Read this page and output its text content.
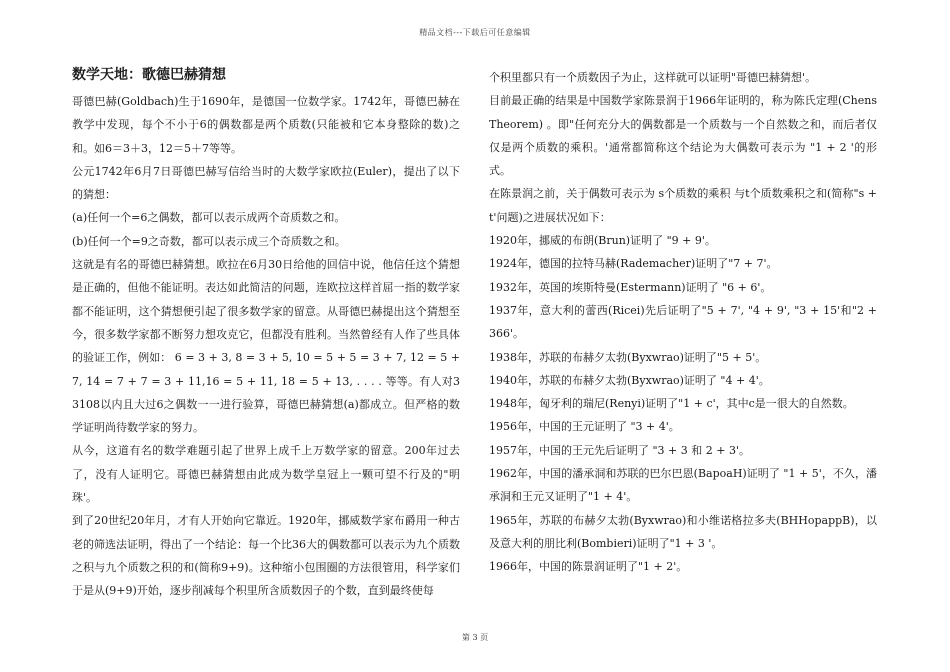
精品文档---下载后可任意编辑
数学天地：歌德巴赫猜想

哥德巴赫(Goldbach)生于1690年，是德国一位数学家。1742年，哥德巴赫在教学中发现，每个不小于6的偶数都是两个质数(只能被和它本身整除的数)之和。如6＝3＋3，12＝5＋7等等。

公元1742年6月7日哥德巴赫写信给当时的大数学家欧拉(Euler)，提出了以下的猜想：

(a)任何一个=6之偶数，都可以表示成两个奇质数之和。

(b)任何一个=9之奇数，都可以表示成三个奇质数之和。

这就是有名的哥德巴赫猜想。欧拉在6月30日给他的回信中说，他信任这个猜想是正确的，但他不能证明。表达如此简洁的问题，连欧拉这样首屈一指的数学家都不能证明，这个猜想便引起了很多数学家的留意。从哥德巴赫提出这个猜想至今，很多数学家都不断努力想攻克它，但都没有胜利。当然曾经有人作了些具体的验证工作，例如： 6 = 3 + 3, 8 = 3 + 5, 10 = 5 + 5 = 3 + 7, 12 = 5 + 7, 14 = 7 + 7 = 3 + 11,16 = 5 + 11, 18 = 5 + 13, . . . . 等等。有人对33108以内且大过6之偶数一一进行验算，哥德巴赫猜想(a)都成立。但严格的数学证明尚待数学家的努力。

从今，这道有名的数学难题引起了世界上成千上万数学家的留意。200年过去了，没有人证明它。哥德巴赫猜想由此成为数学皇冠上一颗可望不行及的"明珠'。

到了20世纪20年月，才有人开始向它靠近。1920年，挪威数学家布爵用一种古老的筛选法证明，得出了一个结论：每一个比36大的偶数都可以表示为九个质数之积与九个质数之积的和(简称9+9)。这种缩小包围圈的方法很管用，科学家们于是从(9+9)开始，逐步削减每个积里所含质数因子的个数，直到最终使每

个积里都只有一个质数因子为止，这样就可以证明"哥德巴赫猜想'。

目前最正确的结果是中国数学家陈景润于1966年证明的，称为陈氏定理(Chens Theorem) 。即"任何充分大的偶数都是一个质数与一个自然数之和，而后者仅仅是两个质数的乘积。'通常都简称这个结论为大偶数可表示为 "1 + 2 '的形式。

在陈景润之前，关于偶数可表示为 s个质数的乘积 与t个质数乘积之和(简称"s + t'问题)之进展状况如下：

1920年，挪威的布朗(Brun)证明了 "9 + 9'。

1924年，德国的拉特马赫(Rademacher)证明了"7 + 7'。

1932年，英国的埃斯特曼(Estermann)证明了 "6 + 6'。

1937年，意大利的蕾西(Ricei)先后证明了"5 + 7', "4 + 9', "3 + 15'和"2 + 366'。

1938年，苏联的布赫夕太勃(Byxwrao)证明了"5 + 5'。

1940年，苏联的布赫夕太勃(Byxwrao)证明了 "4 + 4'。

1948年，匈牙利的瑞尼(Renyi)证明了"1 + c'，其中c是一很大的自然数。

1956年，中国的王元证明了 "3 + 4'。

1957年，中国的王元先后证明了 "3 + 3 和 2 + 3'。

1962年，中国的潘承洞和苏联的巴尔巴恩(BapoaH)证明了 "1 + 5'，不久，潘承洞和王元又证明了"1 + 4'。

1965年，苏联的布赫夕太勃(Byxwrao)和小维诺格拉多夫(BHHopappB)，以及意大利的朋比利(Bombieri)证明了"1 + 3 '。

1966年，中国的陈景润证明了"1 + 2'。

第 3 页
